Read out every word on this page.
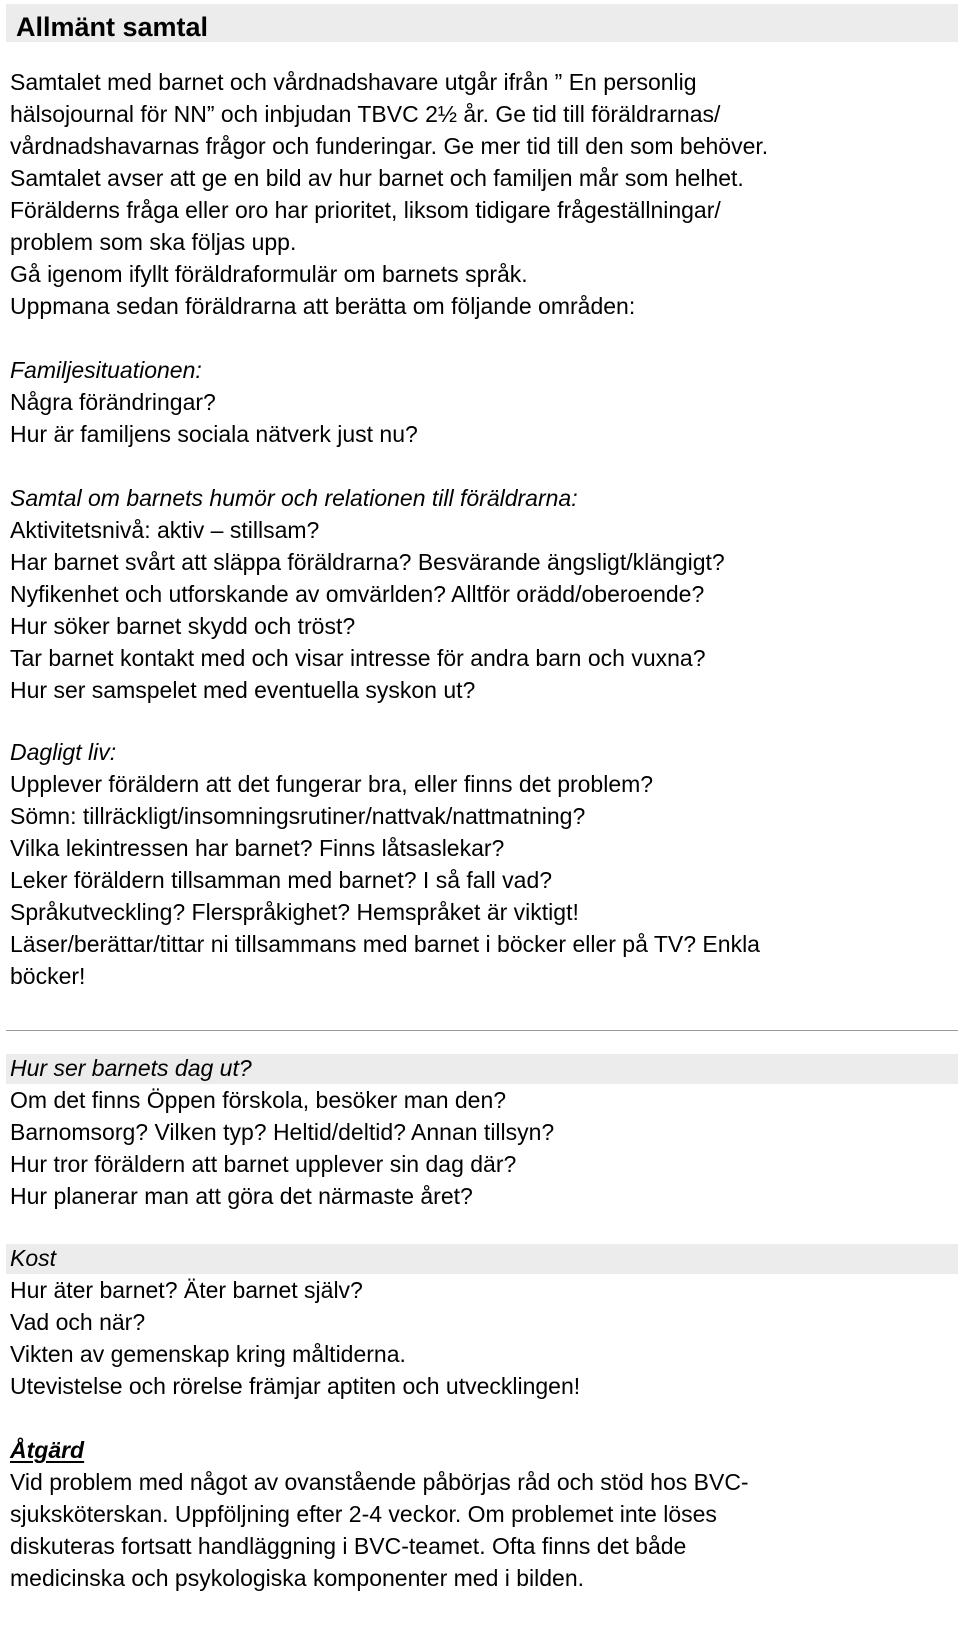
Allmänt samtal
Samtalet med barnet och vårdnadshavare utgår ifrån ” En personlig
hälsojournal för NN” och inbjudan TBVC 2½ år. Ge tid till föräldrarnas/
vårdnadshavarnas frågor och funderingar. Ge mer tid till den som behöver.
Samtalet avser att ge en bild av hur barnet och familjen mår som helhet.
Förälderns fråga eller oro har prioritet, liksom tidigare frågeställningar/
problem som ska följas upp.
Gå igenom ifyllt föräldraformulär om barnets språk.
Uppmana sedan föräldrarna att berätta om följande områden:
Familjesituationen:
Några förändringar?
Hur är familjens sociala nätverk just nu?
Samtal om barnets humör och relationen till föräldrarna:
Aktivitetsnivå: aktiv – stillsam?
Har barnet svårt att släppa föräldrarna? Besvärande ängsligt/klängigt?
Nyfikenhet och utforskande av omvärlden? Alltför orädd/oberoende?
Hur söker barnet skydd och tröst?
Tar barnet kontakt med och visar intresse för andra barn och vuxna?
Hur ser samspelet med eventuella syskon ut?
Dagligt liv:
Upplever föräldern att det fungerar bra, eller finns det problem?
Sömn: tillräckligt/insomningsrutiner/nattvak/nattmatning?
Vilka lekintressen har barnet? Finns låtsaslekar?
Leker föräldern tillsamman med barnet? I så fall vad?
Språkutveckling? Flerspråkighet? Hemspråket är viktigt!
Läser/berättar/tittar ni tillsammans med barnet i böcker eller på TV? Enkla
böcker!
Hur ser barnets dag ut?
Om det finns Öppen förskola, besöker man den?
Barnomsorg? Vilken typ? Heltid/deltid? Annan tillsyn?
Hur tror föräldern att barnet upplever sin dag där?
Hur planerar man att göra det närmaste året?
Kost
Hur äter barnet? Äter barnet själv?
Vad och när?
Vikten av gemenskap kring måltiderna.
Utevistelse och rörelse främjar aptiten och utvecklingen!
Åtgärd
Vid problem med något av ovanstående påbörjas råd och stöd hos BVC-
sjuksköterskan. Uppföljning efter 2-4 veckor. Om problemet inte löses
diskuteras fortsatt handläggning i BVC-teamet. Ofta finns det både
medicinska och psykologiska komponenter med i bilden.
